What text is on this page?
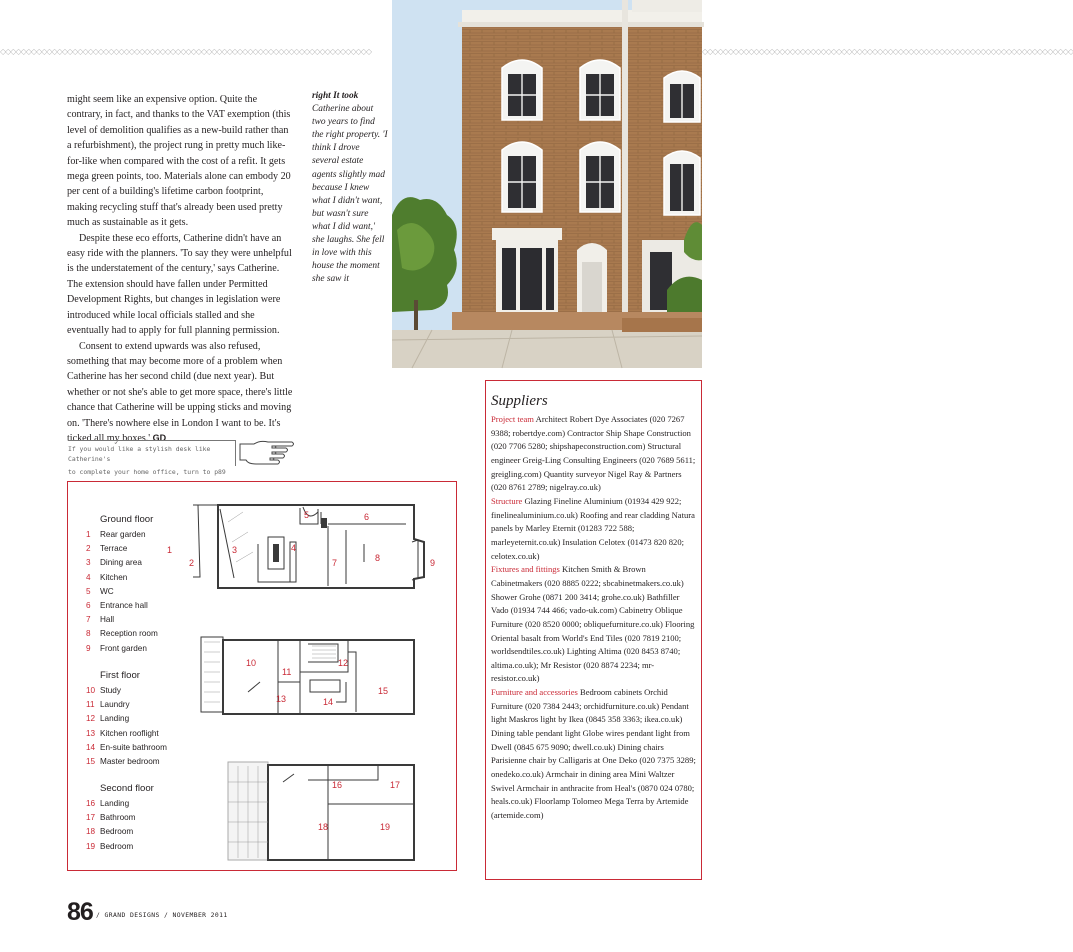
◇◇◇◇◇◇◇◇◇◇◇◇◇◇◇◇◇◇◇◇◇◇◇◇◇◇◇◇◇◇◇◇◇◇◇◇◇◇◇◇◇◇◇◇◇◇◇◇◇◇◇◇◇◇◇◇◇◇◇◇◇◇◇◇◇◇◇◇◇◇◇◇	◇◇◇◇◇◇◇◇◇◇◇◇◇◇◇◇◇◇◇◇◇◇◇◇◇◇◇◇◇◇◇◇◇◇◇◇◇◇◇◇◇◇◇◇◇◇◇◇◇◇◇◇◇◇◇◇◇◇◇◇◇◇◇◇◇◇◇◇◇◇◇◇

might seem like an expensive option. Quite the contrary, in fact, and thanks to the VAT exemption (this level of demolition qualifies as a new-build rather than a refurbishment), the project rung in pretty much like-for-like when compared with the cost of a refit. It gets mega green points, too. Materials alone can embody 20 per cent of a building's lifetime carbon footprint, making recycling stuff that's already been used pretty much as sustainable as it gets.

Despite these eco efforts, Catherine didn't have an easy ride with the planners. 'To say they were unhelpful is the understatement of the century,' says Catherine. The extension should have fallen under Permitted Development Rights, but changes in legislation were introduced while local officials stalled and she eventually had to apply for full planning permission.

Consent to extend upwards was also refused, something that may become more of a problem when Catherine has her second child (due next year). But whether or not she's able to get more space, there's little chance that Catherine will be upping sticks and moving on. 'There's nowhere else in London I want to be. It's ticked all my boxes.' GD

right It took Catherine about two years to find the right property. 'I think I drove several estate agents slightly mad because I knew what I didn't want, but wasn't sure what I did want,' she laughs. She fell in love with this house the moment she saw it
If you would like a stylish desk like Catherine's
to complete your home office, turn to p89
Suppliers
Project team Architect Robert Dye Associates (020 7267 9388; robertdye.com) Contractor Ship Shape Construction (020 7706 5280; shipshapeconstruction.com) Structural engineer Greig-Ling Consulting Engineers (020 7689 5611; greigling.com) Quantity surveyor Nigel Ray & Partners (020 8761 2789; nigelray.co.uk)
Structure Glazing Fineline Aluminium (01934 429 922; finelinealuminium.co.uk) Roofing and rear cladding Natura panels by Marley Eternit (01283 722 588; marleyeternit.co.uk) Insulation Celotex (01473 820 820; celotex.co.uk)
Fixtures and fittings Kitchen Smith & Brown Cabinetmakers (020 8885 0222; sbcabinetmakers.co.uk) Shower Grohe (0871 200 3414; grohe.co.uk) Bathfiller Vado (01934 744 466; vado-uk.com) Cabinetry Oblique Furniture (020 8520 0000; obliquefurniture.co.uk) Flooring Oriental basalt from World's End Tiles (020 7819 2100; worldsendtiles.co.uk) Lighting Altima (020 8453 8740; altima.co.uk); Mr Resistor (020 8874 2234; mr-resistor.co.uk)
Furniture and accessories Bedroom cabinets Orchid Furniture (020 7384 2443; orchidfurniture.co.uk) Pendant light Maskros light by Ikea (0845 358 3363; ikea.co.uk) Dining table pendant light Globe wires pendant light from Dwell (0845 675 9090; dwell.co.uk) Dining chairs Parisienne chair by Calligaris at One Deko (020 7375 3289; onedeko.co.uk) Armchair in dining area Mini Waltzer Swivel Armchair in anthracite from Heal's (0870 024 0780; heals.co.uk) Floorlamp Tolomeo Mega Terra by Artemide (artemide.com)
1
2
3	4
5	6
7	8	9
10
11
12
13	14
15
16	17
18	19
Ground floor
1	Rear garden
2	Terrace
3	Dining area
4	Kitchen
5	WC
6	Entrance hall
7	Hall
8	Reception room
9	Front garden
First floor
10 Study
11 Laundry
12 Landing
13 Kitchen rooflight
14 En-suite bathroom
15 Master bedroom
Second floor
16 Landing
17 Bathroom
18 Bedroom
19 Bedroom
86 / GRAND DESIGNS / NOVEMBER 2011
